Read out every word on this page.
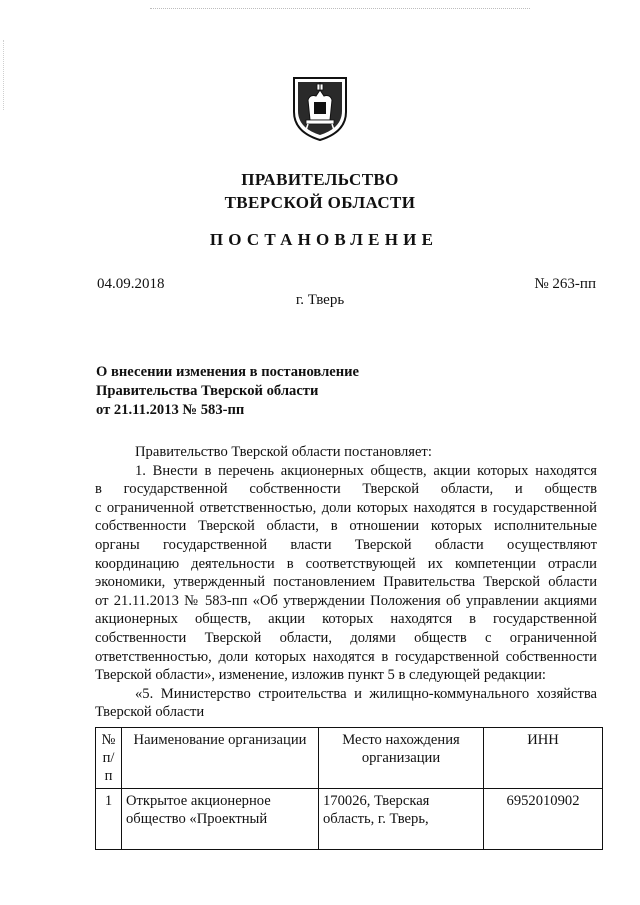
ПРАВИТЕЛЬСТВО
ТВЕРСКОЙ ОБЛАСТИ
ПОСТАНОВЛЕНИЕ
04.09.2018	№ 263-пп
г. Тверь
О внесении изменения в постановление
Правительства Тверской области
от 21.11.2013 № 583-пп
Правительство Тверской области постановляет:
1. Внести в перечень акционерных обществ, акции которых находятся
в государственной собственности Тверской области, и обществ
с ограниченной ответственностью, доли которых находятся в государственной
собственности Тверской области, в отношении которых исполнительные
органы государственной власти Тверской области осуществляют
координацию деятельности в соответствующей их компетенции отрасли
экономики, утвержденный постановлением Правительства Тверской области
от 21.11.2013 № 583-пп «Об утверждении Положения об управлении акциями
акционерных обществ, акции которых находятся в государственной
собственности Тверской области, долями обществ с ограниченной
ответственностью, доли которых находятся в государственной собственности
Тверской области», изменение, изложив пункт 5 в следующей редакции:
«5. Министерство строительства и жилищно-коммунального хозяйства
Тверской области
№ п/п	Наименование организации	Место нахождения организации	ИНН
1	Открытое акционерное общество «Проектный	170026, Тверская область, г. Тверь,	6952010902
